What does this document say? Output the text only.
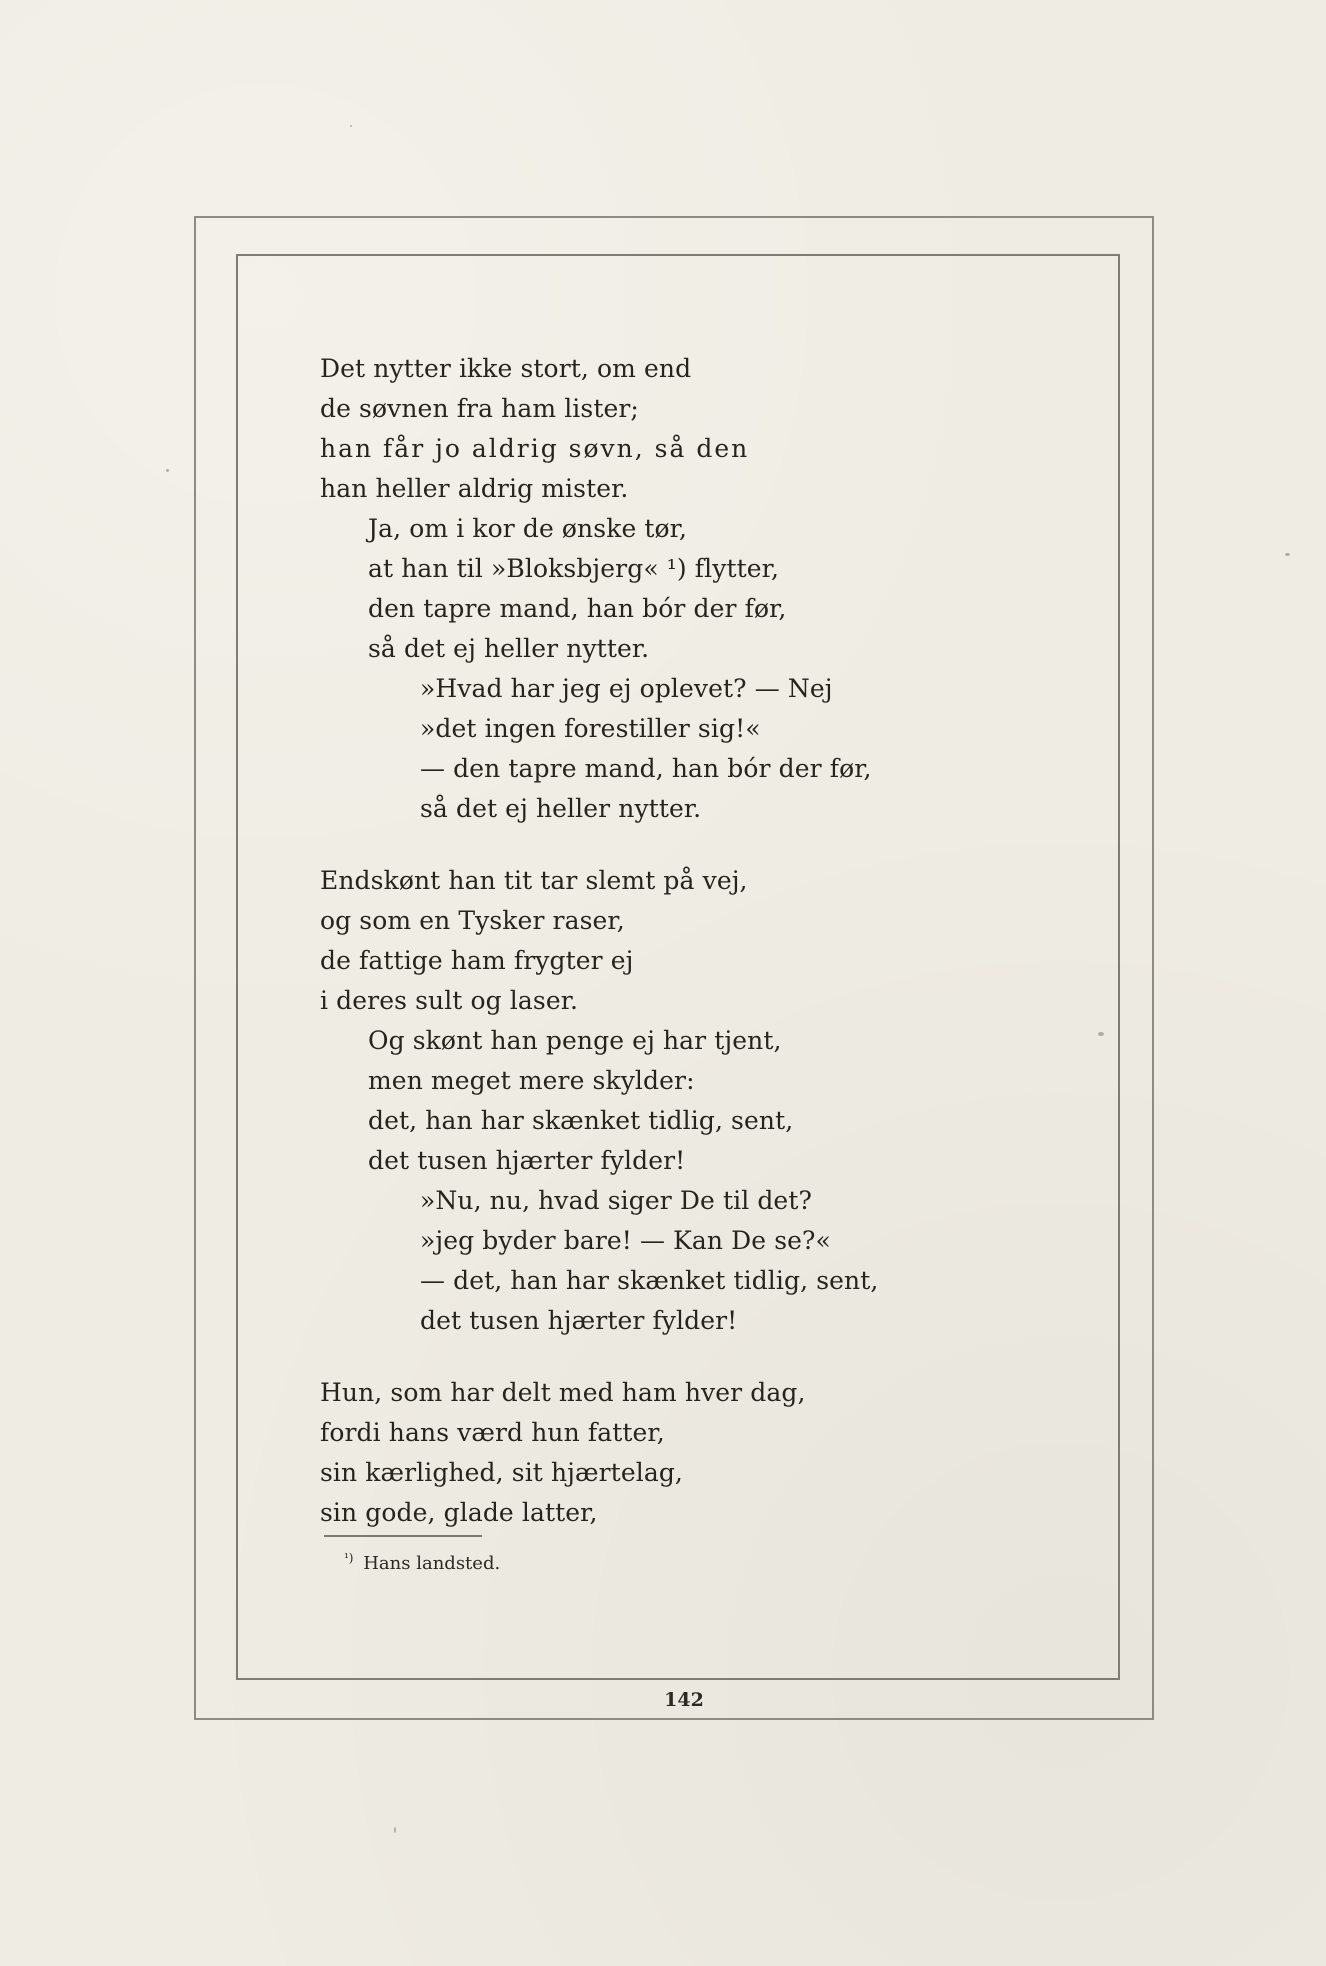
Det nytter ikke stort, om end
de søvnen fra ham lister;
han får jo aldrig søvn, så den
han heller aldrig mister.
Ja, om i kor de ønske tør,
at han til »Bloksbjerg« ¹) flytter,
den tapre mand, han bór der før,
så det ej heller nytter.
»Hvad har jeg ej oplevet? — Nej
»det ingen forestiller sig!«
— den tapre mand, han bór der før,
så det ej heller nytter.
Endskønt han tit tar slemt på vej,
og som en Tysker raser,
de fattige ham frygter ej
i deres sult og laser.
Og skønt han penge ej har tjent,
men meget mere skylder:
det, han har skænket tidlig, sent,
det tusen hjærter fylder!
»Nu, nu, hvad siger De til det?
»jeg byder bare! — Kan De se?«
— det, han har skænket tidlig, sent,
det tusen hjærter fylder!
Hun, som har delt med ham hver dag,
fordi hans værd hun fatter,
sin kærlighed, sit hjærtelag,
sin gode, glade latter,
$^{^1)}$ Hans landsted.
142
